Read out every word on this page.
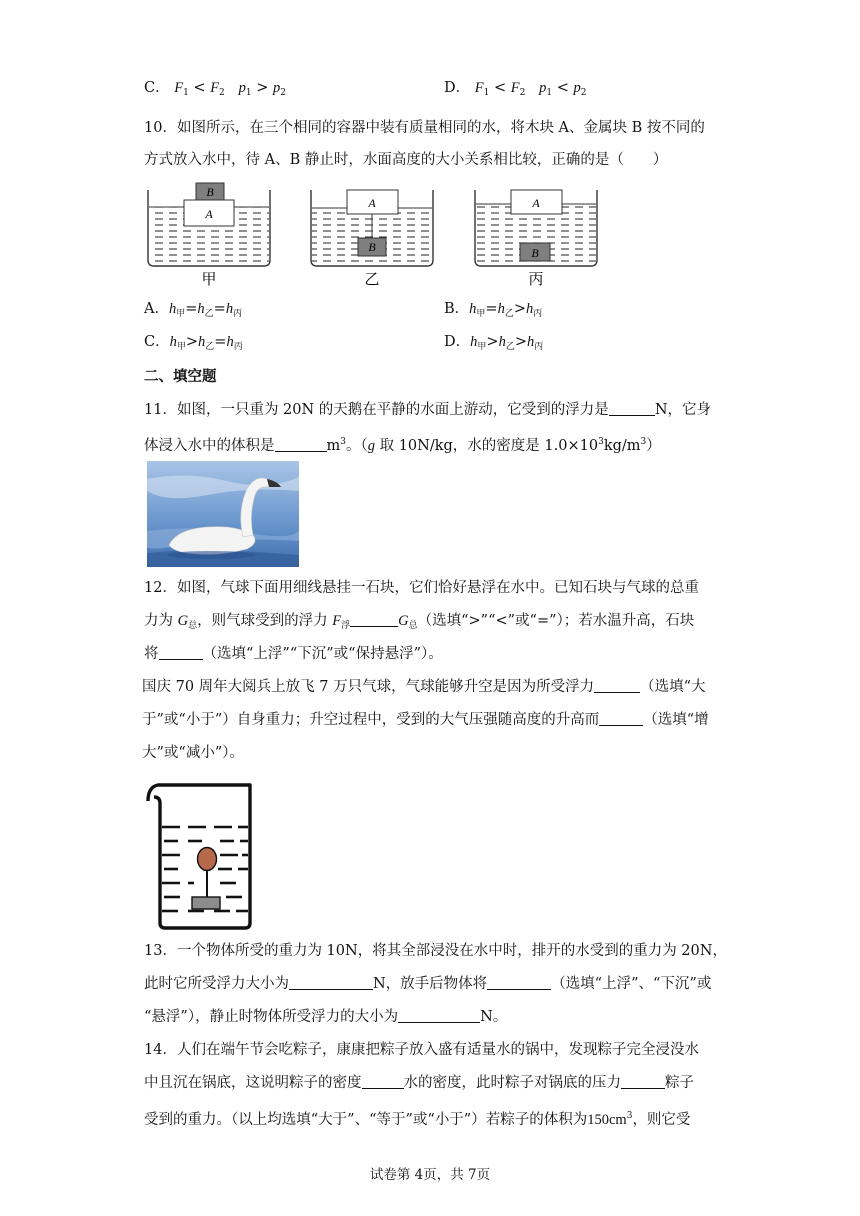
C． $F_1 < F_2$ $p_1 > p_2$	D． $F_1 < F_2$ $p_1 < p_2$
10．如图所示，在三个相同的容器中装有质量相同的水，将木块 A、金属块 B 按不同的
方式放入水中，待 A、B 静止时，水面高度的大小关系相比较，正确的是（　　）
A
B
甲
A
B
乙
A
B
丙
A．$h_甲=h_乙=h_丙$	B．$h_甲=h_乙>h_丙$
C．$h_甲>h_乙=h_丙$	D．$h_甲>h_乙>h_丙$
二、填空题
11．如图，一只重为 20N 的天鹅在平静的水面上游动，它受到的浮力是	N，它身
体浸入水中的体积是	$m^3$。（g 取 10N/kg，水的密度是 $1.0\times 10^3kg/m^3$）
12．如图，气球下面用细线悬挂一石块，它们恰好悬浮在水中。已知石块与气球的总重
力为 $G_总$，则气球受到的浮力 $F_浮$	$G_总$（选填“>”“<”或“=”）；若水温升高，石块
将	（选填“上浮”“下沉”或“保持悬浮”）。
国庆 70 周年大阅兵上放飞 7 万只气球，气球能够升空是因为所受浮力	（选填“大
于”或“小于”）自身重力；升空过程中，受到的大气压强随高度的升高而	（选填“增
大”或“减小”）。
13．一个物体所受的重力为 10N，将其全部浸没在水中时，排开的水受到的重力为 20N，
此时它所受浮力大小为	N，放手后物体将	（选填“上浮”、“下沉”或
“悬浮”），静止时物体所受浮力的大小为	N。
14．人们在端午节会吃粽子，康康把粽子放入盛有适量水的锅中，发现粽子完全浸没水
中且沉在锅底，这说明粽子的密度	水的密度，此时粽子对锅底的压力	粽子
受到的重力。（以上均选填“大于”、“等于”或“小于”）若粽子的体积为$150cm^3$，则它受
试卷第 4页，共 7页
